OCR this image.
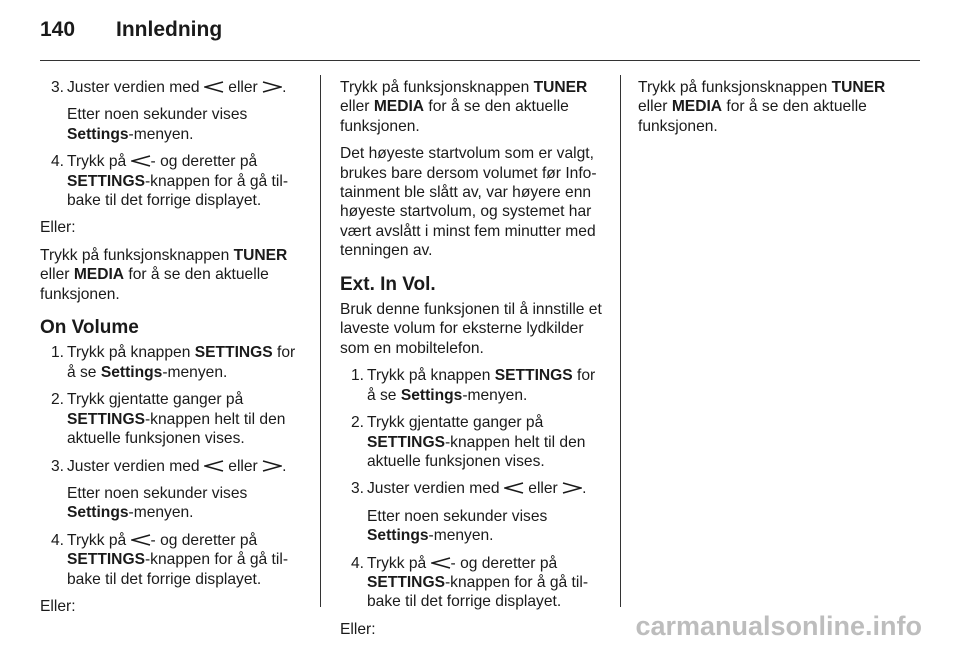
140 Innledning
3. Juster verdien med  eller .

Etter noen sekunder vises Settings-menyen.

4. Trykk på - og deretter på SETTINGS-knappen for å gå til-bake til det forrige displayet.

Eller:

Trykk på funksjonsknappen TUNER eller MEDIA for å se den aktuelle funksjonen.

On Volume
1. Trykk på knappen SETTINGS for å se Settings-menyen.

2. Trykk gjentatte ganger på SETTINGS-knappen helt til den aktuelle funksjonen vises.

3. Juster verdien med  eller .

Etter noen sekunder vises Settings-menyen.

4. Trykk på - og deretter på SETTINGS-knappen for å gå til-bake til det forrige displayet.

Eller:

Trykk på funksjonsknappen TUNER eller MEDIA for å se den aktuelle funksjonen.

Det høyeste startvolum som er valgt, brukes bare dersom volumet før Info-tainment ble slått av, var høyere enn høyeste startvolum, og systemet har vært avslått i minst fem minutter med tenningen av.

Ext. In Vol.

Bruk denne funksjonen til å innstille et laveste volum for eksterne lydkilder som en mobiltelefon.

1. Trykk på knappen SETTINGS for å se Settings-menyen.

2. Trykk gjentatte ganger på SETTINGS-knappen helt til den aktuelle funksjonen vises.

3. Juster verdien med  eller .

Etter noen sekunder vises Settings-menyen.

4. Trykk på - og deretter på SETTINGS-knappen for å gå til-bake til det forrige displayet.

Eller:

Trykk på funksjonsknappen TUNER eller MEDIA for å se den aktuelle funksjonen.

carmanualsonline.info
